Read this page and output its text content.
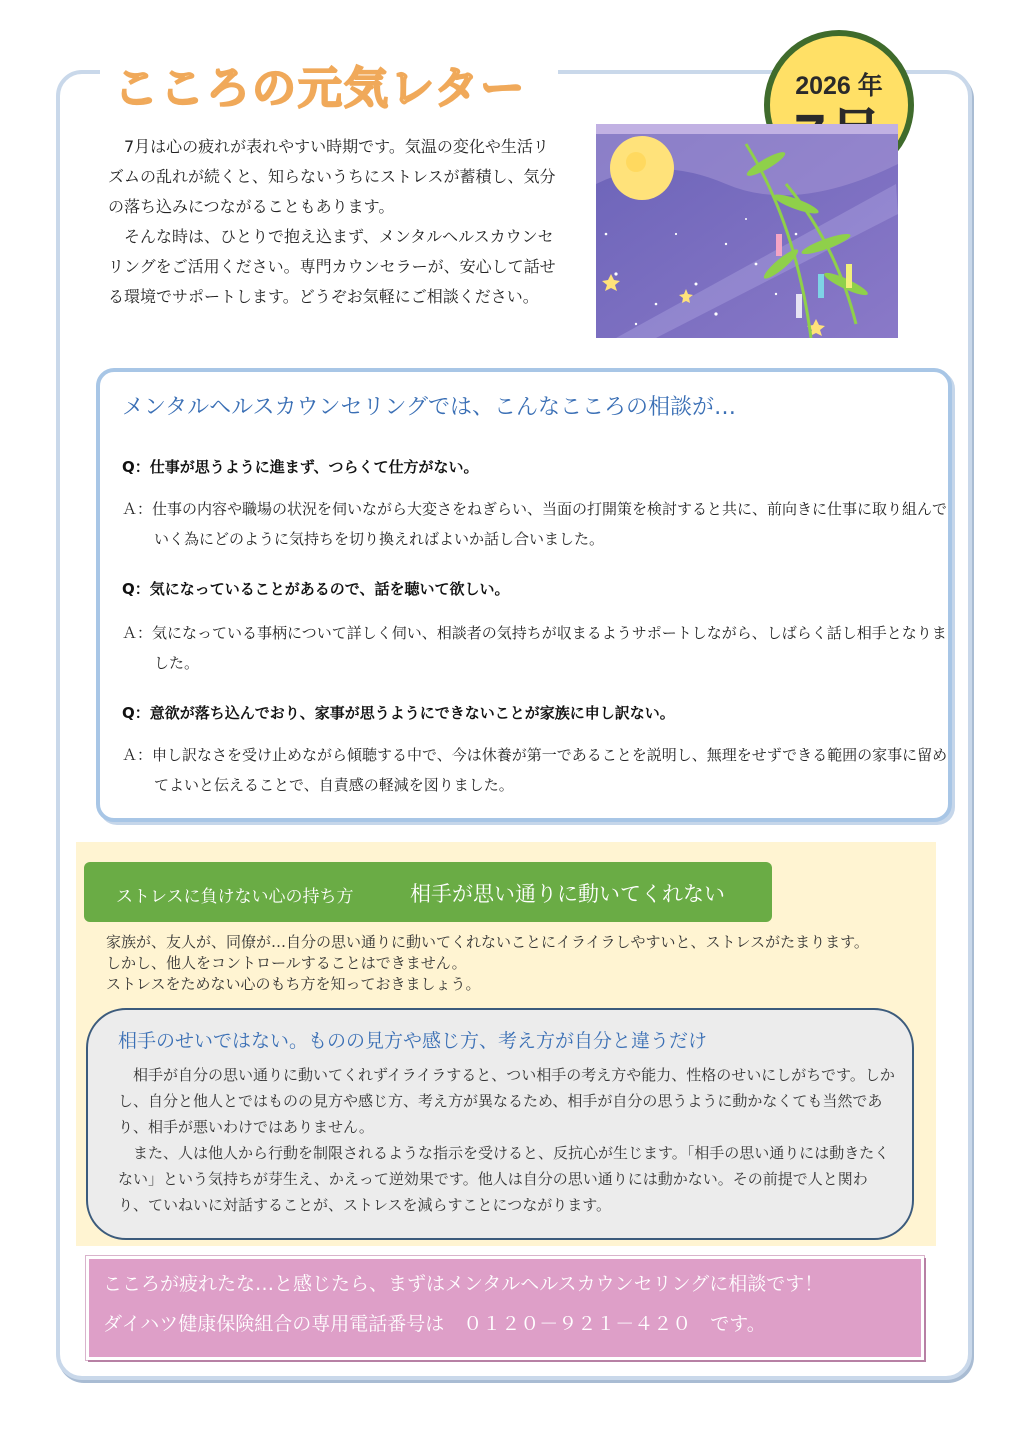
こころの元気レター	2026 年

7月は心の疲れが表れやすい時期です。気温の変化や生活リズムの乱れが続くと、知らないうちにストレスが蓄積し、気分の落ち込みにつながることもあります。

そんな時は、ひとりで抱え込まず、メンタルヘルスカウンセリングをご活用ください。専門カウンセラーが、安心して話せる環境でサポートします。どうぞお気軽にご相談ください。

メンタルヘルスカウンセリングでは、こんなこころの相談が…
Q：仕事が思うように進まず、つらくて仕方がない。
Ａ：仕事の内容や職場の状況を伺いながら大変さをねぎらい、当面の打開策を検討すると共に、前向きに仕事に取り組んでいく為にどのように気持ちを切り換えればよいか話し合いました。
Q：気になっていることがあるので、話を聴いて欲しい。
Ａ：気になっている事柄について詳しく伺い、相談者の気持ちが収まるようサポートしながら、しばらく話し相手となりました。
Q：意欲が落ち込んでおり、家事が思うようにできないことが家族に申し訳ない。
Ａ：申し訳なさを受け止めながら傾聴する中で、今は休養が第一であることを説明し、無理をせずできる範囲の家事に留めてよいと伝えることで、自責感の軽減を図りました。
ストレスに負けない心の持ち方	相手が思い通りに動いてくれない
家族が、友人が、同僚が…自分の思い通りに動いてくれないことにイライラしやすいと、ストレスがたまります。
しかし、他人をコントロールすることはできません。
ストレスをためない心のもち方を知っておきましょう。
相手のせいではない。ものの見方や感じ方、考え方が自分と違うだけ

相手が自分の思い通りに動いてくれずイライラすると、つい相手の考え方や能力、性格のせいにしがちです。しかし、自分と他人とではものの見方や感じ方、考え方が異なるため、相手が自分の思うように動かなくても当然であり、相手が悪いわけではありません。

また、人は他人から行動を制限されるような指示を受けると、反抗心が生じます。「相手の思い通りには動きたくない」という気持ちが芽生え、かえって逆効果です。他人は自分の思い通りには動かない。その前提で人と関わり、ていねいに対話することが、ストレスを減らすことにつながります。

こころが疲れたな…と感じたら、まずはメンタルヘルスカウンセリングに相談です！
ダイハツ健康保険組合の専用電話番号は　０１２０－９２１－４２０　です。
